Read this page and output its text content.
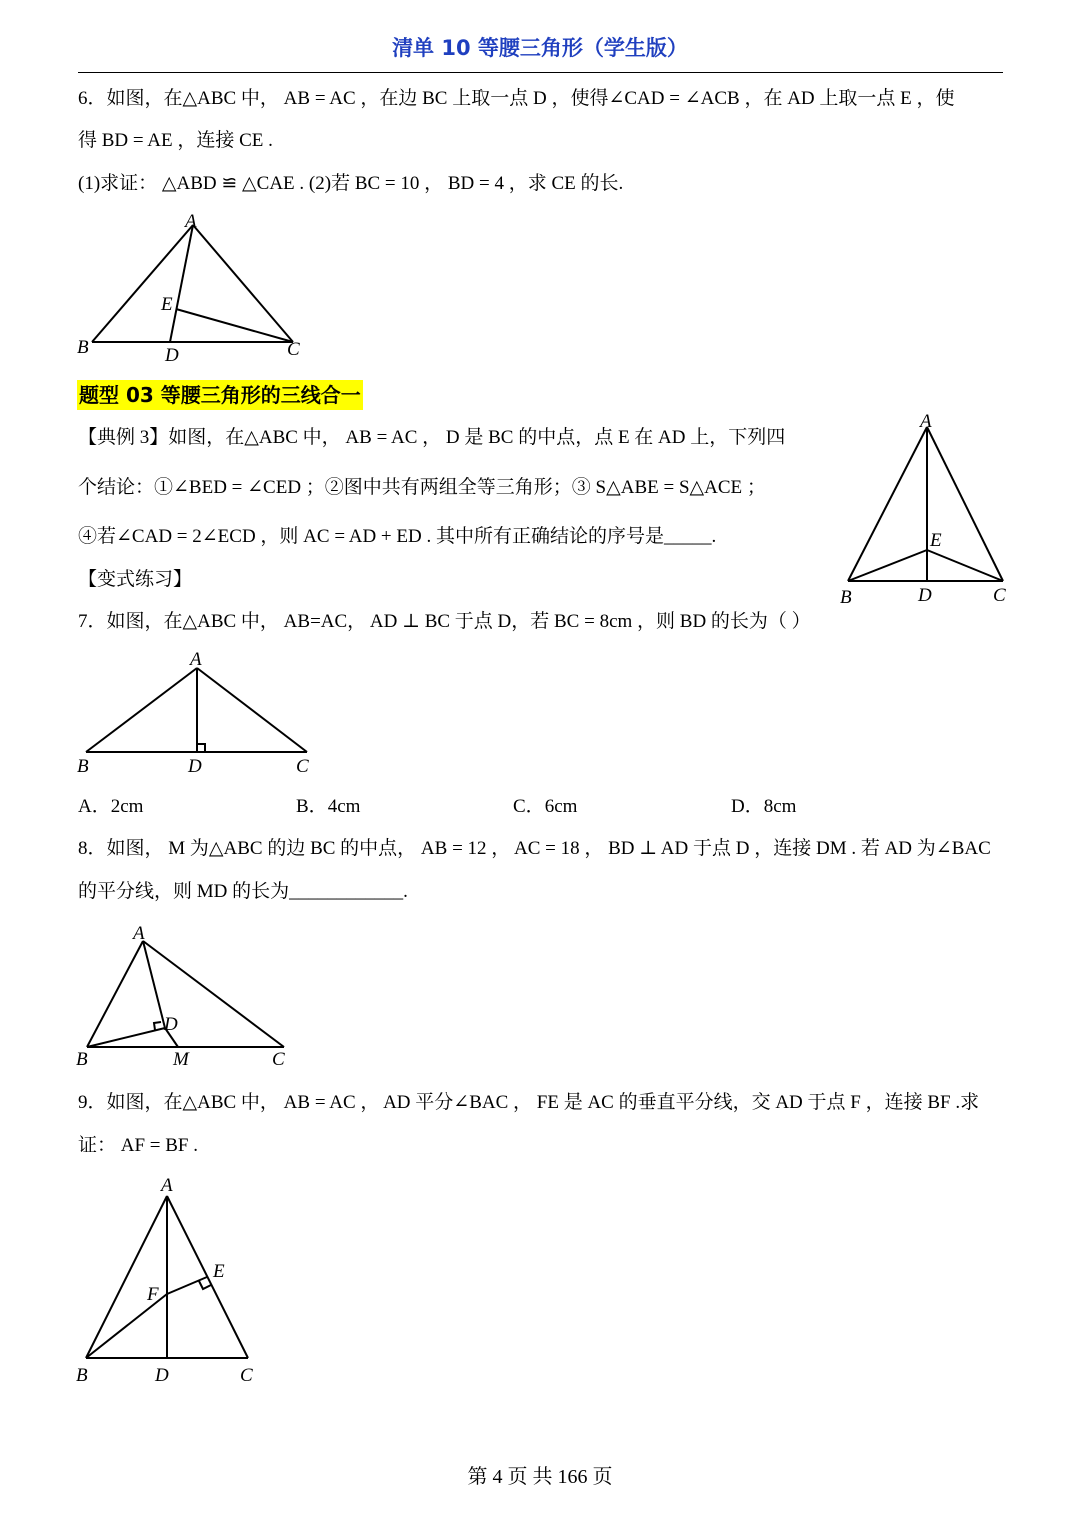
清单 10 等腰三角形（学生版）
6．如图，在△ABC 中， AB = AC ，在边 BC 上取一点 D ，使得∠CAD = ∠ACB ，在 AD 上取一点 E ，使
得 BD = AE ，连接 CE .
(1)求证： △ABD ≌ △CAE . (2)若 BC = 10 ， BD = 4 ，求 CE 的长.
A
B	C
D
E
题型 03 等腰三角形的三线合一
【典例 3】如图，在△ABC 中， AB = AC ， D 是 BC 的中点，点 E 在 AD 上，下列四
个结论：①∠BED = ∠CED ；②图中共有两组全等三角形；③ S△ABE = S△ACE ；
④若∠CAD = 2∠ECD ，则 AC = AD + ED . 其中所有正确结论的序号是_____.
A
B	C
D
E
【变式练习】
7．如图，在△ABC 中， AB=AC， AD ⊥ BC 于点 D，若 BC = 8cm ，则 BD 的长为（ ）
A
B	C
D
A．2cm	B．4cm	C．6cm	D．8cm
8．如图， M 为△ABC 的边 BC 的中点， AB = 12 ， AC = 18 ， BD ⊥ AD 于点 D ，连接 DM . 若 AD 为∠BAC
的平分线，则 MD 的长为____________.
A
B	C
D
M
9．如图，在△ABC 中， AB = AC ， AD 平分∠BAC ， FE 是 AC 的垂直平分线，交 AD 于点 F ，连接 BF .求
证： AF = BF .
A
B	C
D
E
F
第 4 页 共 166 页
